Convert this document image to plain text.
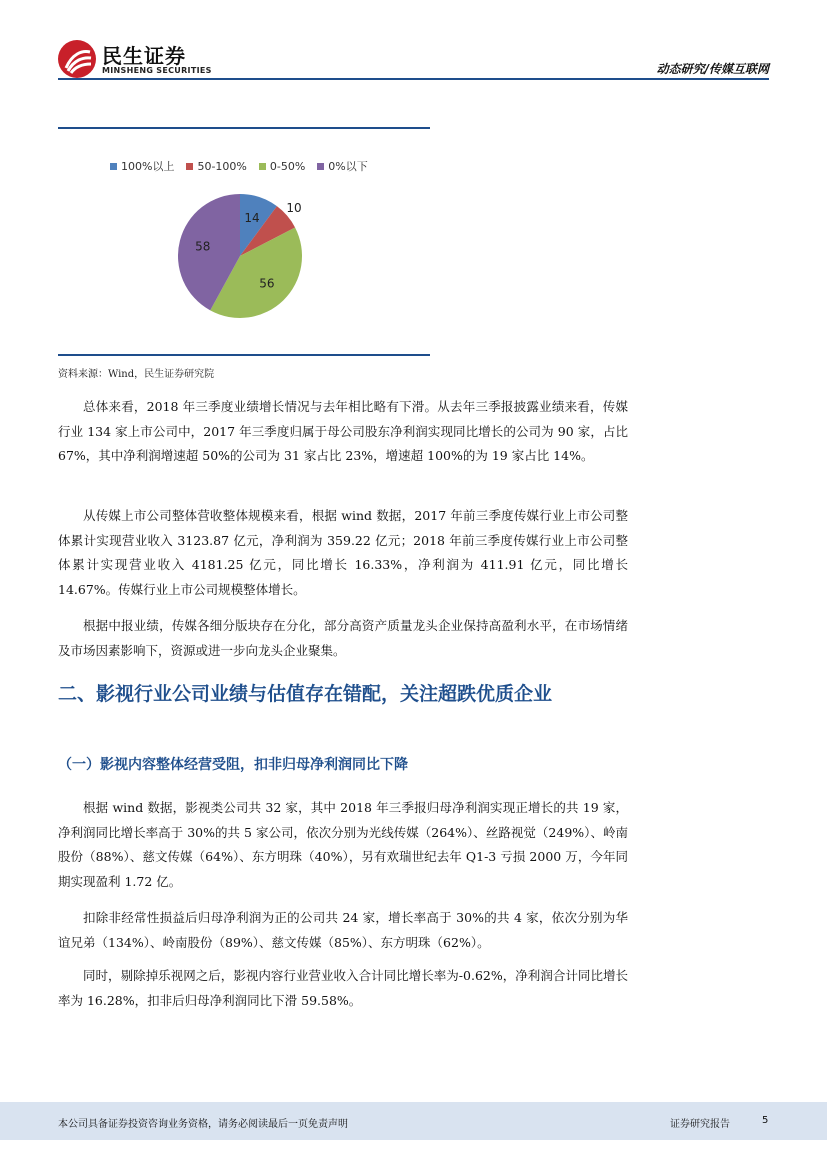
民生证券
MINSHENG SECURITIES	动态研究/传媒互联网
100%以上 50-100% 0-50% 0%以下
14
10
56
58
资料来源：Wind，民生证券研究院

总体来看，2018 年三季度业绩增长情况与去年相比略有下滑。从去年三季报披露业绩来看，传媒行业 134 家上市公司中，2017 年三季度归属于母公司股东净利润实现同比增长的公司为 90 家，占比 67%，其中净利润增速超 50%的公司为 31 家占比 23%，增速超 100%的为 19 家占比 14%。

从传媒上市公司整体营收整体规模来看，根据 wind 数据，2017 年前三季度传媒行业上市公司整体累计实现营业收入 3123.87 亿元，净利润为 359.22 亿元；2018 年前三季度传媒行业上市公司整体累计实现营业收入 4181.25 亿元，同比增长 16.33%，净利润为 411.91 亿元，同比增长 14.67%。传媒行业上市公司规模整体增长。

根据中报业绩，传媒各细分版块存在分化，部分高资产质量龙头企业保持高盈利水平，在市场情绪及市场因素影响下，资源或进一步向龙头企业聚集。

二、影视行业公司业绩与估值存在错配，关注超跌优质企业
（一）影视内容整体经营受阻，扣非归母净利润同比下降

根据 wind 数据，影视类公司共 32 家，其中 2018 年三季报归母净利润实现正增长的共 19 家，净利润同比增长率高于 30%的共 5 家公司，依次分别为光线传媒（264%）、丝路视觉（249%）、岭南股份（88%）、慈文传媒（64%）、东方明珠（40%），另有欢瑞世纪去年 Q1-3 亏损 2000 万，今年同期实现盈利 1.72 亿。

扣除非经常性损益后归母净利润为正的公司共 24 家，增长率高于 30%的共 4 家，依次分别为华谊兄弟（134%）、岭南股份（89%）、慈文传媒（85%）、东方明珠（62%）。

同时，剔除掉乐视网之后，影视内容行业营业收入合计同比增长率为-0.62%，净利润合计同比增长率为 16.28%，扣非后归母净利润同比下滑 59.58%。

本公司具备证券投资咨询业务资格，请务必阅读最后一页免责声明	证券研究报告	5
